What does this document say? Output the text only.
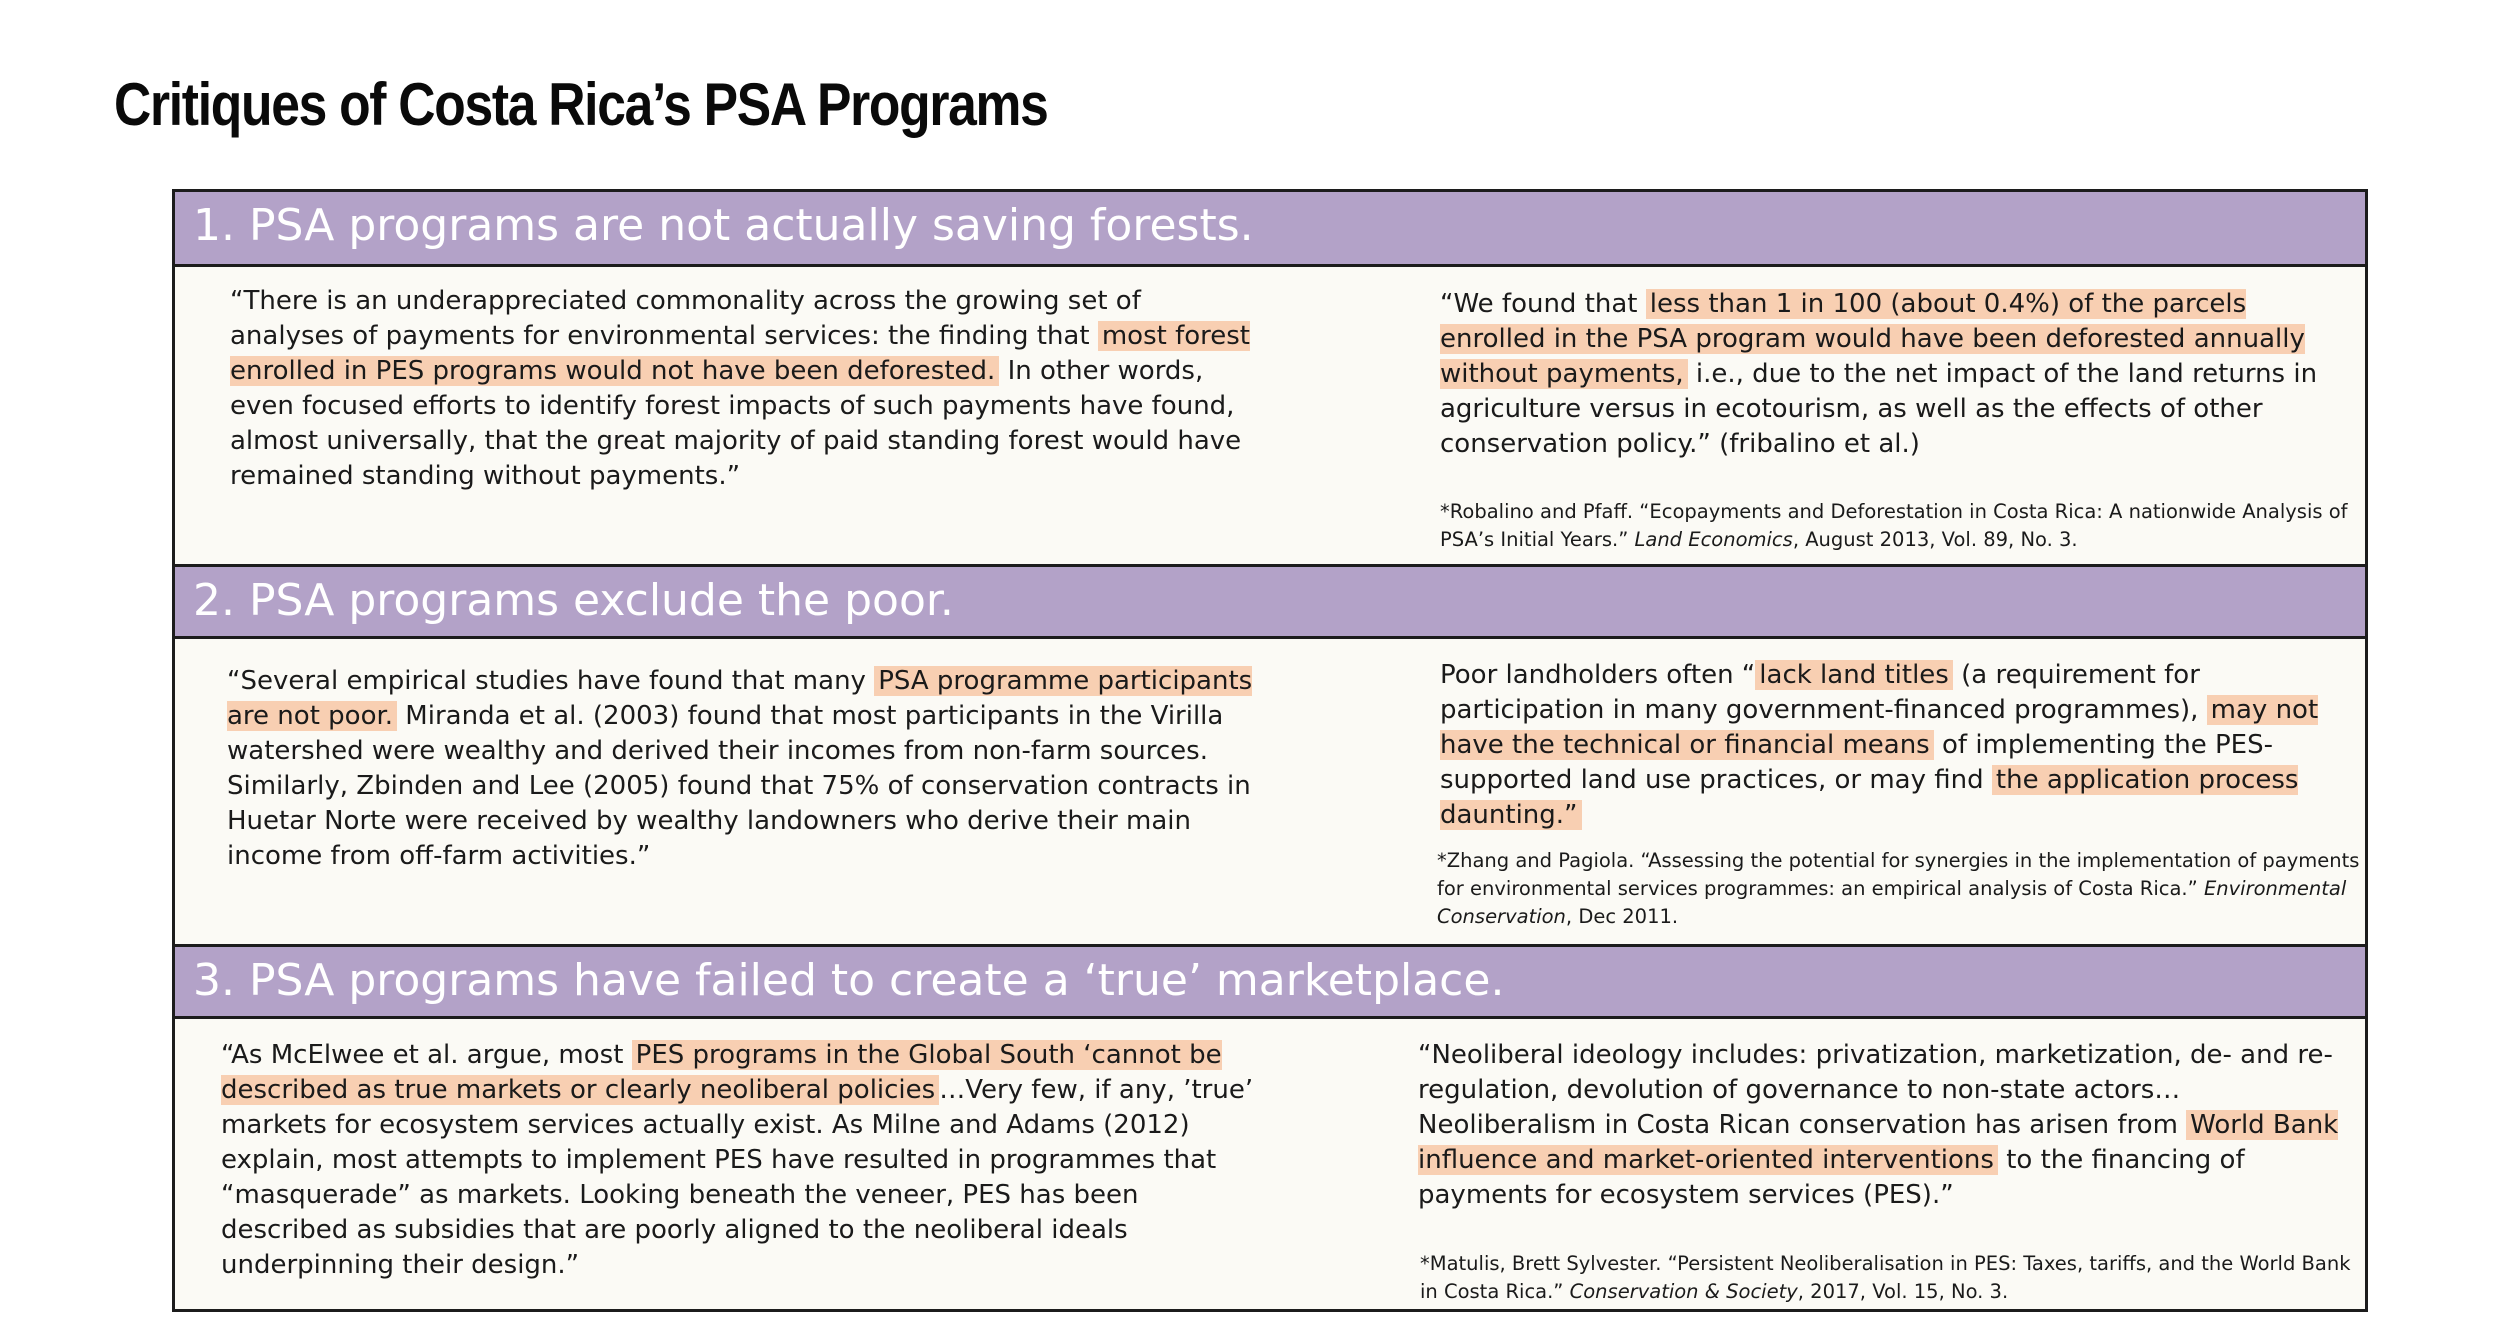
Critiques of Costa Rica’s PSA Programs
1. PSA programs are not actually saving forests.

“There is an underappreciated commonality across the growing set of analyses of payments for environmental services: the finding that most forest enrolled in PES programs would not have been deforested. In other words, even focused efforts to identify forest impacts of such payments have found, almost universally, that the great majority of paid standing forest would have remained standing without payments.”

“We found that less than 1 in 100 (about 0.4%) of the parcels enrolled in the PSA program would have been deforested annually without payments, i.e., due to the net impact of the land returns in agriculture versus in ecotourism, as well as the effects of other conservation policy.” (fribalino et al.)

*Robalino and Pfaff. “Ecopayments and Deforestation in Costa Rica: A nationwide Analysis of PSA’s Initial Years.” Land Economics, August 2013, Vol. 89, No. 3.

2. PSA programs exclude the poor.

“Several empirical studies have found that many PSA programme participants are not poor. Miranda et al. (2003) found that most participants in the Virilla watershed were wealthy and derived their incomes from non-farm sources. Similarly, Zbinden and Lee (2005) found that 75% of conservation contracts in Huetar Norte were received by wealthy landowners who derive their main income from off-farm activities.”

Poor landholders often “ lack land titles (a requirement for participation in many government-financed programmes), may not have the technical or financial means of implementing the PES-supported land use practices, or may find the application process daunting.”

*Zhang and Pagiola. “Assessing the potential for synergies in the implementation of payments for environmental services programmes: an empirical analysis of Costa Rica.” Environmental Conservation, Dec 2011.

3. PSA programs have failed to create a ‘true’ marketplace.

“As McElwee et al. argue, most PES programs in the Global South ‘cannot be described as true markets or clearly neoliberal policies …Very few, if any, ’true’ markets for ecosystem services actually exist. As Milne and Adams (2012) explain, most attempts to implement PES have resulted in programmes that “masquerade” as markets. Looking beneath the veneer, PES has been described as subsidies that are poorly aligned to the neoliberal ideals underpinning their design.”

“Neoliberal ideology includes: privatization, marketization, de- and re-regulation, devolution of governance to non-state actors… Neoliberalism in Costa Rican conservation has arisen from World Bank influence and market-oriented interventions to the financing of payments for ecosystem services (PES).”

*Matulis, Brett Sylvester. “Persistent Neoliberalisation in PES: Taxes, tariffs, and the World Bank in Costa Rica.” Conservation & Society, 2017, Vol. 15, No. 3.
